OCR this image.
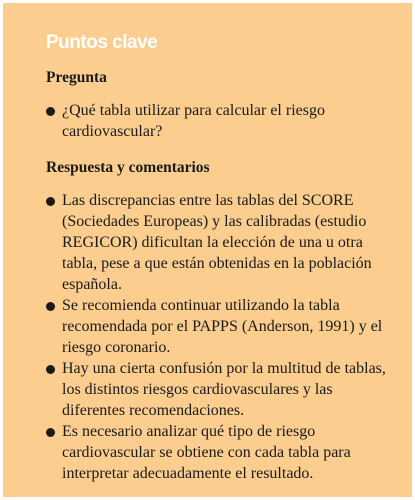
Puntos clave
Pregunta
¿Qué tabla utilizar para calcular el riesgo cardiovascular?
Respuesta y comentarios
Las discrepancias entre las tablas del SCORE (Sociedades Europeas) y las calibradas (estudio REGICOR) dificultan la elección de una u otra tabla, pese a que están obtenidas en la población española.
Se recomienda continuar utilizando la tabla recomendada por el PAPPS (Anderson, 1991) y el riesgo coronario.
Hay una cierta confusión por la multitud de tablas, los distintos riesgos cardiovasculares y las diferentes recomendaciones.
Es necesario analizar qué tipo de riesgo cardiovascular se obtiene con cada tabla para interpretar adecuadamente el resultado.
